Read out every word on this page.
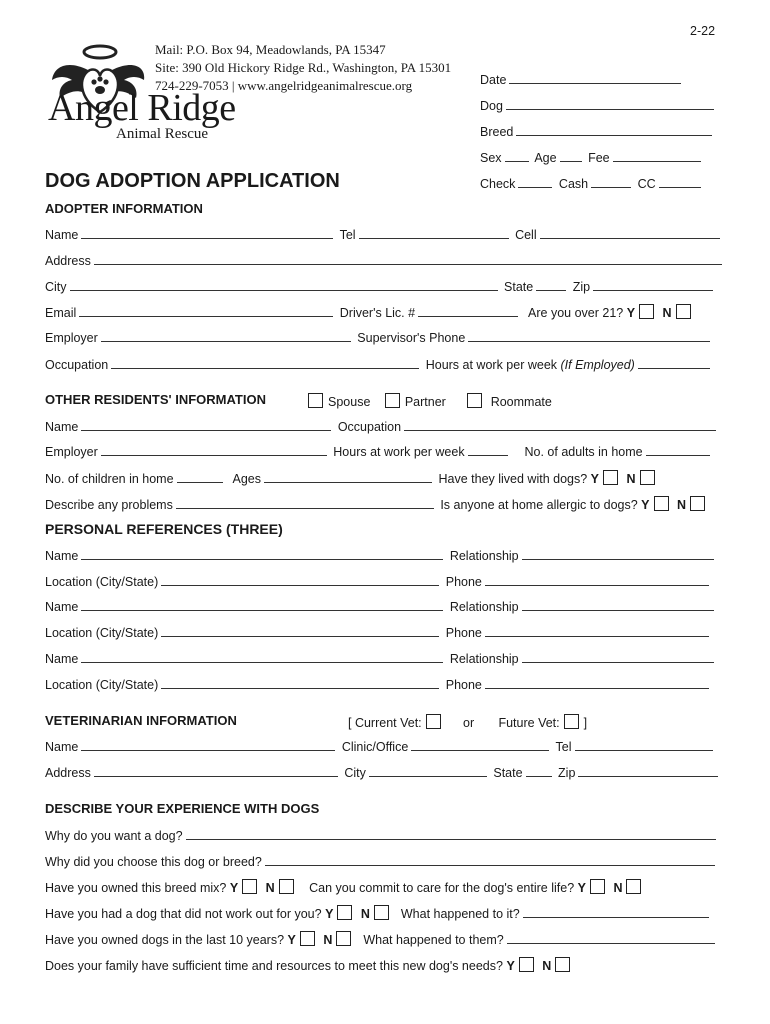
2-22
Angel Ridge
Animal Rescue
Mail: P.O. Box 94, Meadowlands, PA 15347
Site: 390 Old Hickory Ridge Rd., Washington, PA 15301
724-229-7053 | www.angelridgeanimalrescue.org	Date
Dog
Breed
Sex	Age	Fee
Check	Cash	CC
DOG ADOPTION APPLICATION
ADOPTER INFORMATION
Name	Tel	Cell
Address
City	State	Zip
Email	Driver's Lic. #	Are you over 21? Y N
Employer	Supervisor's Phone
Occupation	Hours at work per week (If Employed)
OTHER RESIDENTS' INFORMATION	Spouse	Partner	Roommate
Name	Occupation
Employer	Hours at work per week	No. of adults in home
No. of children in home	Ages	Have they lived with dogs? Y N
Describe any problems	Is anyone at home allergic to dogs? Y N
PERSONAL REFERENCES (THREE)
Name	Relationship
Location (City/State)	Phone
Name	Relationship
Location (City/State)	Phone
Name	Relationship
Location (City/State)	Phone
VETERINARIAN INFORMATION	[ Current Vet:	or Future Vet: ]
Name	Clinic/Office	Tel
Address	City	State	Zip
DESCRIBE YOUR EXPERIENCE WITH DOGS
Why do you want a dog?
Why did you choose this dog or breed?
Have you owned this breed mix? Y N	Can you commit to care for the dog's entire life? Y N
Have you had a dog that did not work out for you? Y N What happened to it?
Have you owned dogs in the last 10 years? Y N What happened to them?
Does your family have sufficient time and resources to meet this new dog's needs? Y N
